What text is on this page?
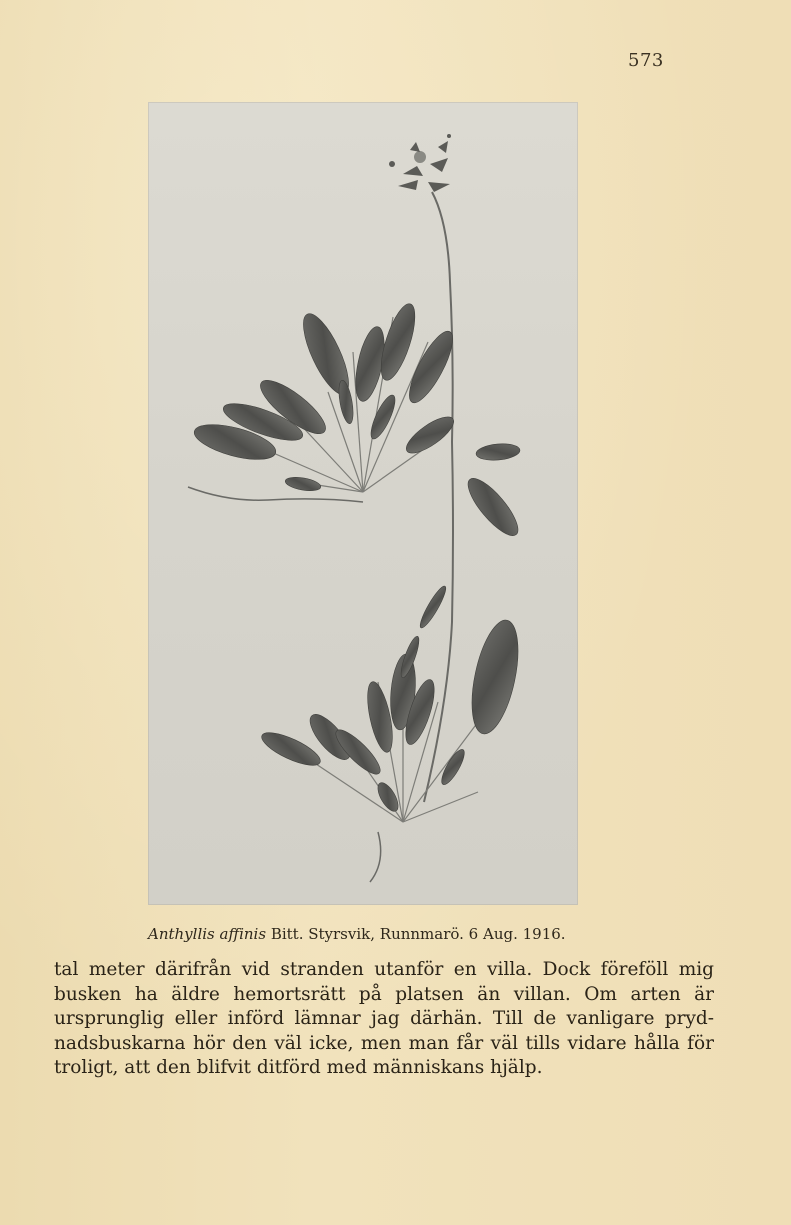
573
Anthyllis affinis Bitt. Styrsvik, Runnmarö. 6 Aug. 1916.
tal meter därifrån vid stranden utanför en villa. Dock föreföll mig
busken ha äldre hemortsrätt på platsen än villan. Om arten är
ursprunglig eller införd lämnar jag därhän. Till de vanligare pryd-
nadsbuskarna hör den väl icke, men man får väl tills vidare hålla för
troligt, att den blifvit ditförd med människans hjälp.
